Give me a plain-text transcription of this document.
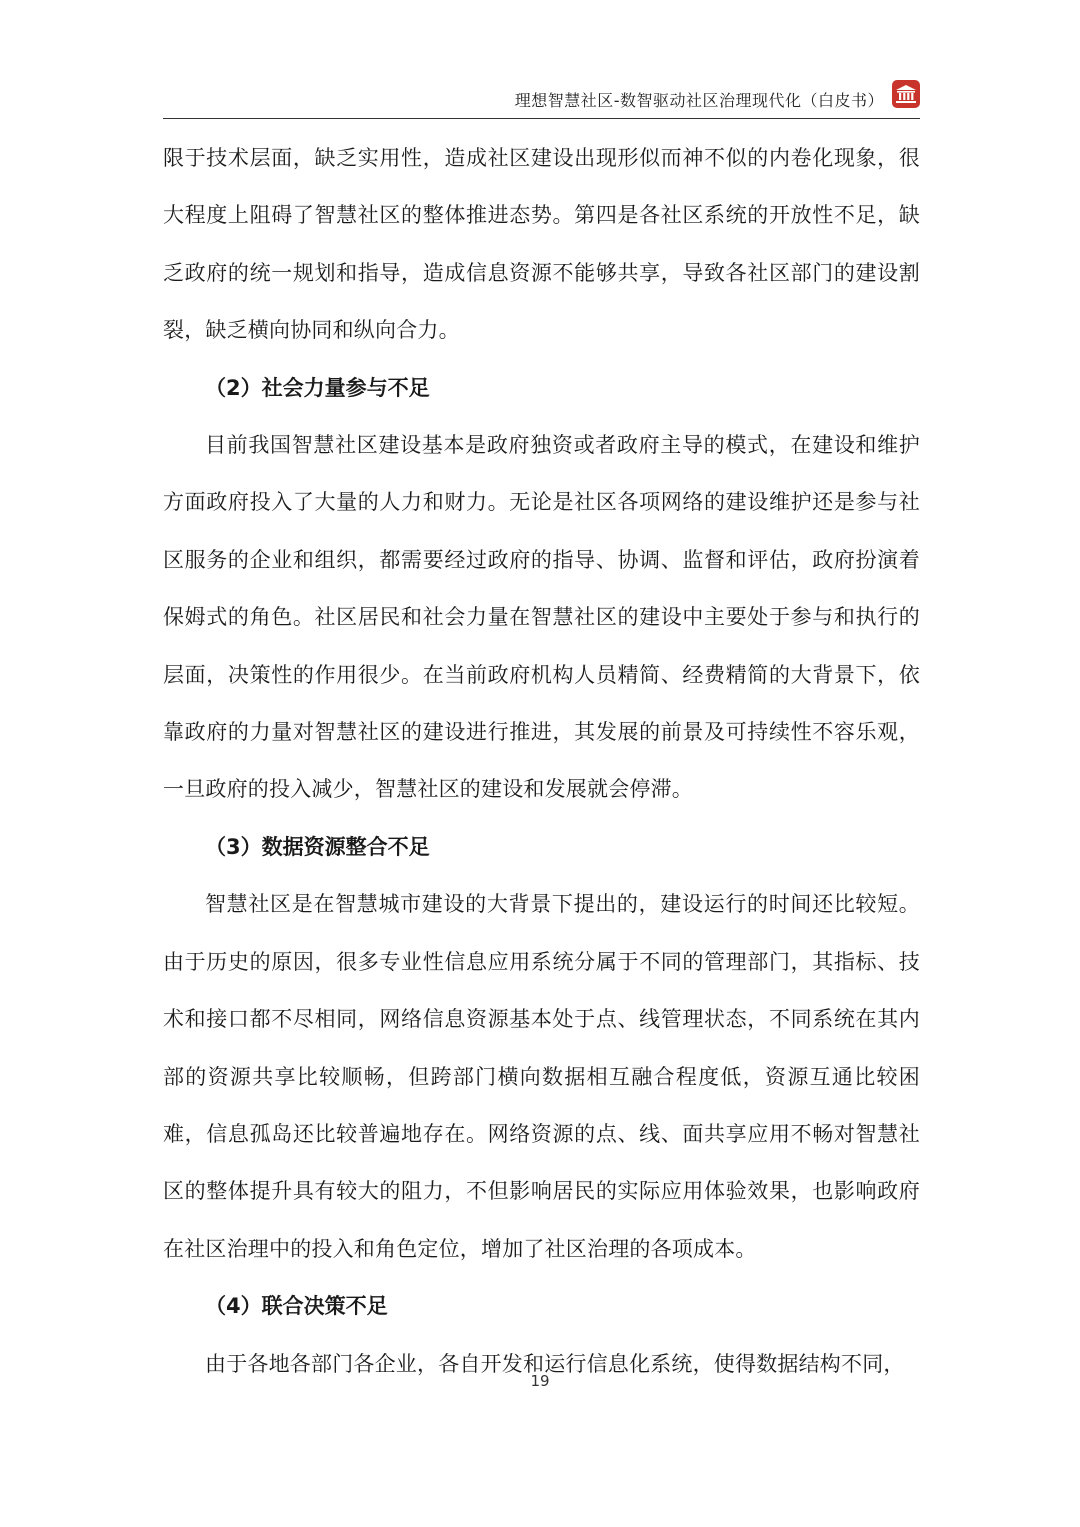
理想智慧社区-数智驱动社区治理现代化（白皮书）

限于技术层面，缺乏实用性，造成社区建设出现形似而神不似的内卷化现象，很大程度上阻碍了智慧社区的整体推进态势。第四是各社区系统的开放性不足，缺乏政府的统一规划和指导，造成信息资源不能够共享，导致各社区部门的建设割裂，缺乏横向协同和纵向合力。

（2）社会力量参与不足

目前我国智慧社区建设基本是政府独资或者政府主导的模式，在建设和维护方面政府投入了大量的人力和财力。无论是社区各项网络的建设维护还是参与社区服务的企业和组织，都需要经过政府的指导、协调、监督和评估，政府扮演着保姆式的角色。社区居民和社会力量在智慧社区的建设中主要处于参与和执行的层面，决策性的作用很少。在当前政府机构人员精简、经费精简的大背景下，依靠政府的力量对智慧社区的建设进行推进，其发展的前景及可持续性不容乐观，一旦政府的投入减少，智慧社区的建设和发展就会停滞。

（3）数据资源整合不足

智慧社区是在智慧城市建设的大背景下提出的，建设运行的时间还比较短。由于历史的原因，很多专业性信息应用系统分属于不同的管理部门，其指标、技术和接口都不尽相同，网络信息资源基本处于点、线管理状态，不同系统在其内部的资源共享比较顺畅，但跨部门横向数据相互融合程度低，资源互通比较困难，信息孤岛还比较普遍地存在。网络资源的点、线、面共享应用不畅对智慧社区的整体提升具有较大的阻力，不但影响居民的实际应用体验效果，也影响政府在社区治理中的投入和角色定位，增加了社区治理的各项成本。

（4）联合决策不足

由于各地各部门各企业，各自开发和运行信息化系统，使得数据结构不同，

19
